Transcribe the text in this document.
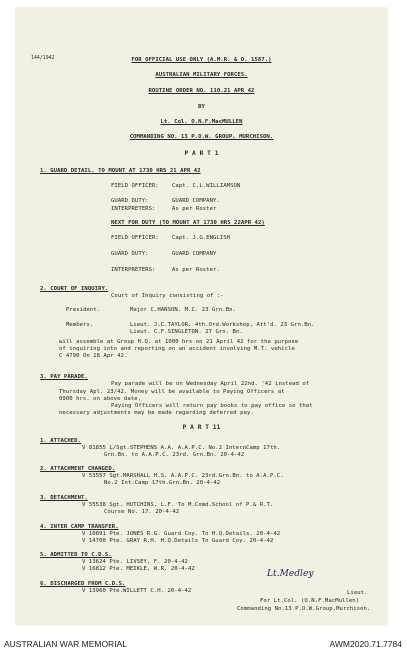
144/1942	FOR OFFICIAL USE ONLY (A.M.R. & O. 1587.)
AUSTRALIAN MILITARY FORCES.
ROUTINE ORDER NO. 110.21 APR 42
BY
Lt. Col. O.N.F.MacMULLEN
COMMANDING NO. 13 P.O.W. GROUP, MURCHISON.
P A R T 1
1. GUARD DETAIL. TO MOUNT AT 1730 HRS 21 APR 42
FIELD OFFICER: Capt. C.L.WILLIAMSON
GUARD DUTY:	GUARD COMPANY.
INTERPRETERS:	As per Roster
NEXT FOR DUTY (TO MOUNT AT 1730 HRS 22APR 42)
FIELD OFFICER: Capt. J.G.ENGLISH
GUARD DUTY:	GUARD COMPANY
INTERPRETERS:	As per Roster.
2. COURT OF INQUIRY.
Court of Inquiry consisting of :-
President.	Major C.HANSON. M.C. 23 Grn.Bn.
Members.	Lieut. J.C.TAYLOR. 4th.Ord.Workshop, Att'd. 23 Grn.Bn.
Lieut. C.F.SINGLETON. 27 Grn. Bn.
will assemble at Group H.Q. at 1000 hrs on 21 April 42 for the purpose
of inquiring into and reporting on an accident involving M.T. vehicle
C 4790 On 18 Apr 42.
3. PAY PARADE.
Pay parade will be on Wednesday April 22nd. '42 instead of
Thursday Apl. 23/42. Money will be available to Paying Officers at
0900 hrs. on above date.
Paying Officers will return pay books to pay office so that
necessary adjustments may be made regarding deferred pay.
P A R T 11
1. ATTACHED.
V 81855 L/Sgt.STEPHENS A.A. A.A.P.C. No.2 InternCamp 17th.
Grn.Bn. to A.A.P.C. 23rd. Grn.Bn. 20-4-42
2. ATTACHMENT CHANGED.
V 53557 Sgt.MARSHALL H.S. A.A.P.C. 23rd.Grn.Bn. to A.A.P.C.
No.2 Int.Camp 17th.Grn.Bn. 20-4-42
3. DETACHMENT.
V 55538 Sgt. HUTCHINS, L.F. To M.Comd.School of P.& R.T.
Course No. 17. 20-4-42
4. INTER CAMP TRANSFER.
V 10891 Pte. JONES R.G. Guard Coy. To H.Q.Details. 20-4-42
V 14700 Pte. GRAY R.H. H.Q.Details To Guard Coy. 20-4-42
5. ADMITTED TO C.D.S.
V 13624 Pte. LIVSEY, F. 20-4-42
V 16812 Pte. MEIKLE, W.R. 20-4-42
6. DISCHARGED FROM C.D.S.
V 13960 Pte.WILLETT C.H. 20-4-42
Lt.Medley
Lieut.
For Lt.Col. (O.N.F.MacMullen)
Commanding No.13 P.O.W.Group,Murchison.
AUSTRALIAN WAR MEMORIAL	AWM2020.71.7784
